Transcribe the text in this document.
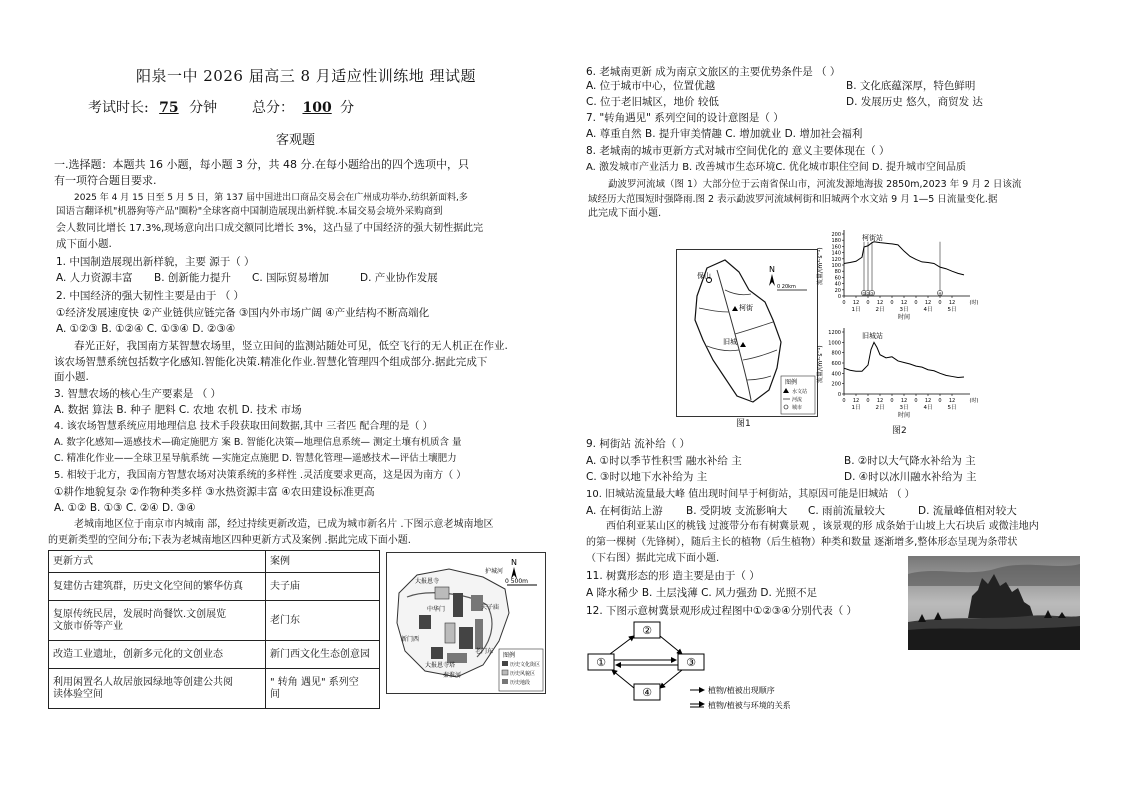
阳泉一中 2026 届高三 8 月适应性训练地 理试题
考试时长: 75 分钟 总分： 100 分
客观题
一.选择题：本题共 16 小题，每小题 3 分，共 48 分.在每小题给出的四个选项中，只
有一项符合题目要求.
2025 年 4 月 15 日至 5 月 5 日，第 137 届中国进出口商品交易会在广州成功举办,纺织新面料,多
国语言翻译机"机器狗等产品"圈粉"全球客商中国制造展现出新样貌.本届交易会境外采购商到
会人数同比增长 17.3%,现场意向出口成交额同比增长 3%，这凸显了中国经济的强大韧性据此完
成下面小题.
1. 中国制造展现出新样貌，主要 源于（ ）
A. 人力资源丰富 B. 创新能力提升 C. 国际贸易增加	D. 产业协作发展
2. 中国经济的强大韧性主要是由于 （ ）
①经济发展速度快 ②产业链供应链完备 ③国内外市场广阔 ④产业结构不断高端化
A. ①②③ B. ①②④ C. ①③④ D. ②③④
春光正好，我国南方某智慧农场里，竖立田间的监测站随处可见，低空飞行的无人机正在作业.
该农场智慧系统包括数字化感知.智能化决策.精准化作业.智慧化管理四个组成部分.据此完成下
面小题.
3. 智慧农场的核心生产要素是 （ ）
A. 数据 算法 B. 种子 肥料 C. 农地 农机 D. 技术 市场
4. 该农场智慧系统应用地理信息 技术手段获取田间数据,其中 三者匹 配合理的是（ ）
A. 数字化感知—遥感技术—确定施肥方 案 B. 智能化决策—地理信息系统— 测定土壤有机质含 量
C. 精准化作业——全球卫星导航系统 —实施定点施肥 D. 智慧化管理—遥感技术—评估土壤肥力
5. 相较于北方，我国南方智慧农场对决策系统的多样性 .灵活度要求更高，这是因为南方（ ）
①耕作地貌复杂 ②作物种类多样 ③水热资源丰富 ④农田建设标准更高
A. ①② B. ①③ C. ②④ D. ③④
老城南地区位于南京市内城南 部，经过持续更新改造，已成为城市新名片 .下图示意老城南地区
的更新类型的空间分布;下表为老城南地区四种更新方式及案例 .据此完成下面小题.
更新方式	案例
复建仿古建筑群，历史文化空间的繁华仿真	夫子庙
复原传统民居，发展时尚餐饮.文创展览
文旅市侨等产业	老门东
改造工业遗址，创新多元化的文创业态	新门西文化生态创意园
利用闲置名人故居旅园绿地等创建公共阅
读体验空间	" 转角 遇见" 系列空
间
大报恩寺
夫子庙
老门东
新门西
中华门
秦淮河
护城河
大报恩寺塔
N
0 500m
图例
历史文化街区
历史风貌区
历史地段
6. 老城南更新 成为南京文旅区的主要优势条件是 （ ）
A. 位于城市中心，位置优越	B. 文化底蕴深厚，特色鲜明
C. 位于老旧城区，地价 较低	D. 发展历史 悠久，商贸发 达
7. "转角遇见" 系列空间的设计意图是（ ）
A. 尊重自然 B. 提升审美情趣 C. 增加就业 D. 增加社会福利
8. 老城南的城市更新方式对城市空间优化的 意义主要体现在（ ）
A. 激发城市产业活力 B. 改善城市生态环境C. 优化城市职住空间 D. 提升城市空间品质
勐波罗河流域（图 1）大部分位于云南省保山市，河流发源地海拔 2850m,2023 年 9 月 2 日该流
域经历大范围短时强降雨.图 2 表示勐波罗河流域柯街和旧城两个水文站 9 月 1—5 日流量变化.据
此完成下面小题.
保山
柯街
旧城
N
0 20km
图例
水文站
河流
城市
图1
0
20
40
60
80
100
120
140
160
180
200	柯街站
流量/(m³·s⁻¹)
0 12 0 12 0 12 0 12 0 12	(时)
1日	2日	3日	4日	5日
时间
① ② ③	④
0
200
400
600
800
1000
1200	旧城站
流量/(m³·s⁻¹)
0 12 0 12 0 12 0 12 0 12	(时)
1日	2日	3日	4日	5日
时间
图2
9. 柯街站 流补给（ ）
A. ①时以季节性积雪 融水补给 主	B. ②时以大气降水补给为 主
C. ③时以地下水补给为 主	D. ④时以冰川融水补给为 主
10. 旧城站流量最大峰 值出现时间早于柯街站，其原因可能是旧城站 （ ）
A. 在柯街站上游 B. 受阴坡 支流影响大 C. 雨前流量较大	D. 流量峰值相对较大
西伯利亚某山区的桃钱 过渡带分布有树冀景观 ，该景观的形 成条始于山坡上大石块后 或微洼地内
的第一棵树（先锋树），随后主长的植物（后生植物）种类和数量 逐渐增多,整体形态呈现为条带状
（下右图）据此完成下面小题.
11. 树冀形态的形 造主要是由于（ ）
A 降水稀少 B. 土层浅薄 C. 风力强劲 D. 光照不足
12. 下图示意树冀景观形成过程图中①②③④分别代表（ ）
①
②
③
④	植物/植被出现顺序
植物/植被与环境的关系
